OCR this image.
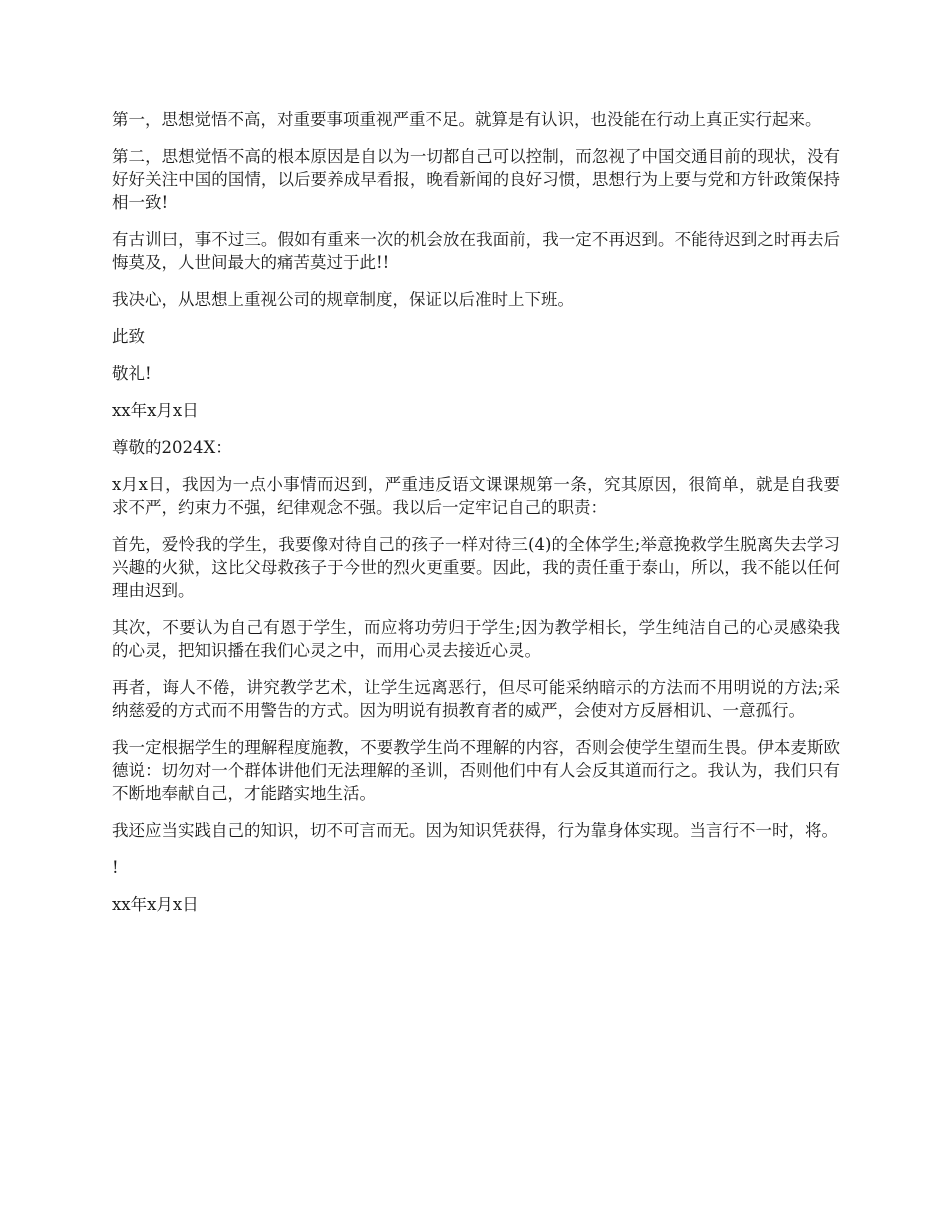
第一，思想觉悟不高，对重要事项重视严重不足。就算是有认识，也没能在行动上真正实行起来。

第二，思想觉悟不高的根本原因是自以为一切都自己可以控制，而忽视了中国交通目前的现状，没有好好关注中国的国情，以后要养成早看报，晚看新闻的良好习惯，思想行为上要与党和方针政策保持相一致!

有古训曰，事不过三。假如有重来一次的机会放在我面前，我一定不再迟到。不能待迟到之时再去后悔莫及，人世间最大的痛苦莫过于此!!

我决心，从思想上重视公司的规章制度，保证以后准时上下班。

此致

敬礼!

xx年x月x日

尊敬的2024X：

x月x日，我因为一点小事情而迟到，严重违反语文课课规第一条，究其原因，很简单，就是自我要求不严，约束力不强，纪律观念不强。我以后一定牢记自己的职责：

首先，爱怜我的学生，我要像对待自己的孩子一样对待三(4)的全体学生;举意挽救学生脱离失去学习兴趣的火狱，这比父母救孩子于今世的烈火更重要。因此，我的责任重于泰山，所以，我不能以任何理由迟到。

其次，不要认为自己有恩于学生，而应将功劳归于学生;因为教学相长，学生纯洁自己的心灵感染我的心灵，把知识播在我们心灵之中，而用心灵去接近心灵。

再者，诲人不倦，讲究教学艺术，让学生远离恶行，但尽可能采纳暗示的方法而不用明说的方法;采纳慈爱的方式而不用警告的方式。因为明说有损教育者的威严，会使对方反唇相讥、一意孤行。

我一定根据学生的理解程度施教，不要教学生尚不理解的内容，否则会使学生望而生畏。伊本麦斯欧德说：切勿对一个群体讲他们无法理解的圣训，否则他们中有人会反其道而行之。我认为，我们只有不断地奉献自己，才能踏实地生活。

我还应当实践自己的知识，切不可言而无。因为知识凭获得，行为靠身体实现。当言行不一时，将。

!

xx年x月x日
